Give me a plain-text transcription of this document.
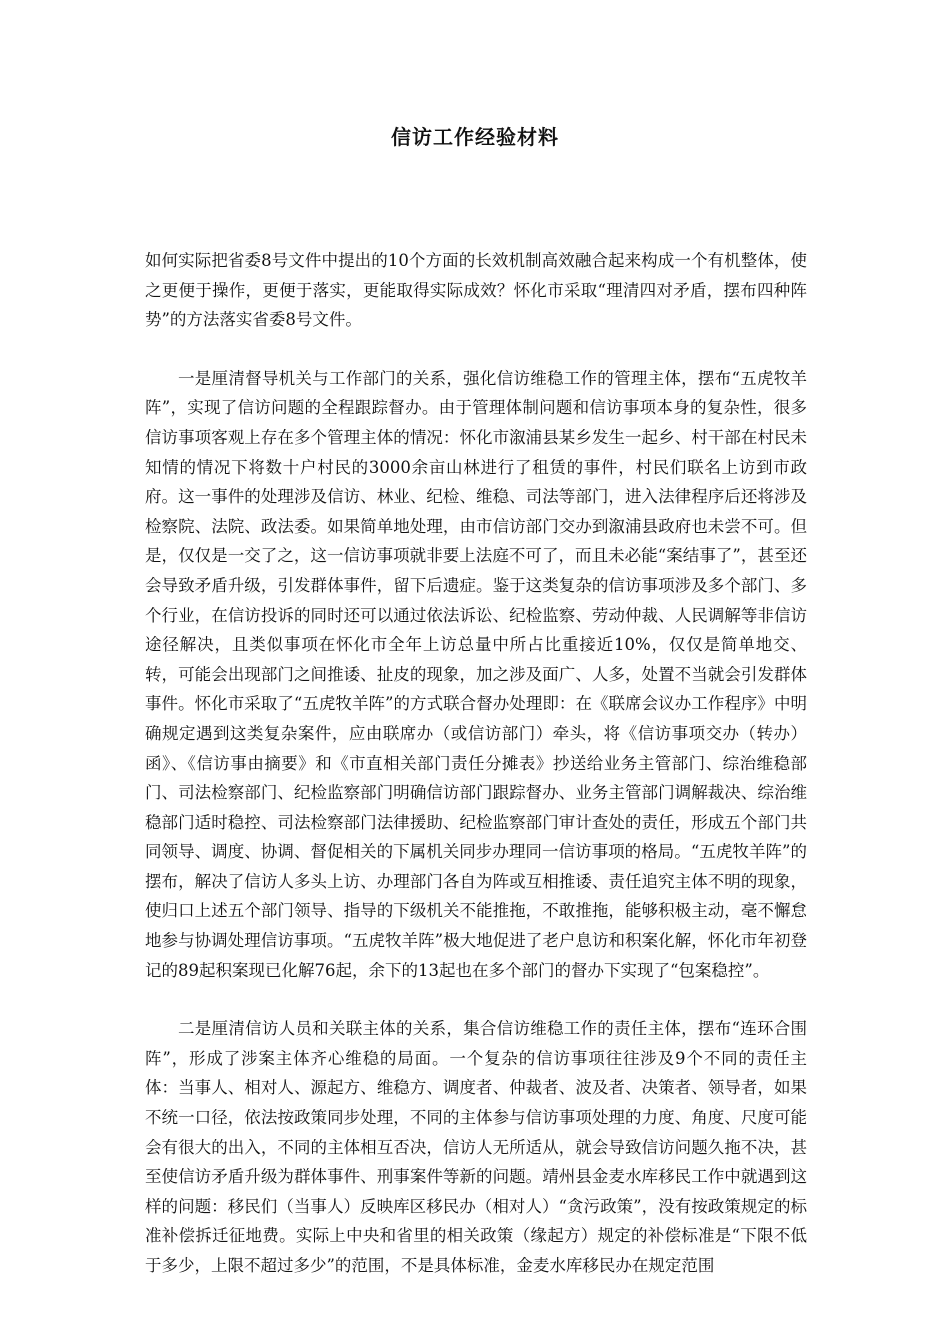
信访工作经验材料

如何实际把省委8号文件中提出的10个方面的长效机制高效融合起来构成一个有机整体，使之更便于操作，更便于落实，更能取得实际成效？怀化市采取“理清四对矛盾，摆布四种阵势”的方法落实省委8号文件。

一是厘清督导机关与工作部门的关系，强化信访维稳工作的管理主体，摆布“五虎牧羊阵”，实现了信访问题的全程跟踪督办。由于管理体制问题和信访事项本身的复杂性，很多信访事项客观上存在多个管理主体的情况：怀化市溆浦县某乡发生一起乡、村干部在村民未知情的情况下将数十户村民的3000余亩山林进行了租赁的事件，村民们联名上访到市政府。这一事件的处理涉及信访、林业、纪检、维稳、司法等部门，进入法律程序后还将涉及检察院、法院、政法委。如果简单地处理，由市信访部门交办到溆浦县政府也未尝不可。但是，仅仅是一交了之，这一信访事项就非要上法庭不可了，而且未必能“案结事了”，甚至还会导致矛盾升级，引发群体事件，留下后遗症。鉴于这类复杂的信访事项涉及多个部门、多个行业，在信访投诉的同时还可以通过依法诉讼、纪检监察、劳动仲裁、人民调解等非信访途径解决，且类似事项在怀化市全年上访总量中所占比重接近10%，仅仅是简单地交、转，可能会出现部门之间推诿、扯皮的现象，加之涉及面广、人多，处置不当就会引发群体事件。怀化市采取了“五虎牧羊阵”的方式联合督办处理即：在《联席会议办工作程序》中明确规定遇到这类复杂案件，应由联席办（或信访部门）牵头，将《信访事项交办（转办）函》、《信访事由摘要》和《市直相关部门责任分摊表》抄送给业务主管部门、综治维稳部门、司法检察部门、纪检监察部门明确信访部门跟踪督办、业务主管部门调解裁决、综治维稳部门适时稳控、司法检察部门法律援助、纪检监察部门审计查处的责任，形成五个部门共同领导、调度、协调、督促相关的下属机关同步办理同一信访事项的格局。“五虎牧羊阵”的摆布，解决了信访人多头上访、办理部门各自为阵或互相推诿、责任追究主体不明的现象，使归口上述五个部门领导、指导的下级机关不能推拖，不敢推拖，能够积极主动，毫不懈怠地参与协调处理信访事项。“五虎牧羊阵”极大地促进了老户息访和积案化解，怀化市年初登记的89起积案现已化解76起，余下的13起也在多个部门的督办下实现了“包案稳控”。

二是厘清信访人员和关联主体的关系，集合信访维稳工作的责任主体，摆布“连环合围阵”，形成了涉案主体齐心维稳的局面。一个复杂的信访事项往往涉及9个不同的责任主体：当事人、相对人、源起方、维稳方、调度者、仲裁者、波及者、决策者、领导者，如果不统一口径，依法按政策同步处理，不同的主体参与信访事项处理的力度、角度、尺度可能会有很大的出入，不同的主体相互否决，信访人无所适从，就会导致信访问题久拖不决，甚至使信访矛盾升级为群体事件、刑事案件等新的问题。靖州县金麦水库移民工作中就遇到这样的问题：移民们（当事人）反映库区移民办（相对人）“贪污政策”，没有按政策规定的标准补偿拆迁征地费。实际上中央和省里的相关政策（缘起方）规定的补偿标准是“下限不低于多少，上限不超过多少”的范围，不是具体标准，金麦水库移民办在规定范围
